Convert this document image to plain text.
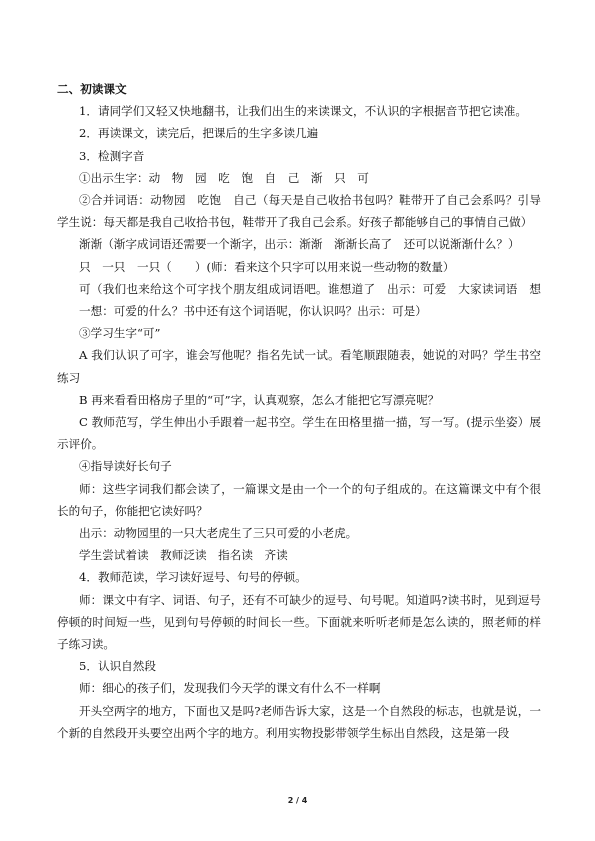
二、初读课文

1．请同学们又轻又快地翻书，让我们出生的来读课文，不认识的字根据音节把它读准。

2．再读课文，读完后，把课后的生字多读几遍

3．检测字音

①出示生字：动　物　园　吃　饱　自　己　渐　只　可

②合并词语：动物园　吃饱　自己（每天是自己收拾书包吗？鞋带开了自己会系吗？引导学生说：每天都是我自己收拾书包，鞋带开了我自己会系。好孩子都能够自己的事情自己做）

渐渐（渐字成词语还需要一个渐字，出示：渐渐　渐渐长高了　还可以说渐渐什么？）

只　一只　一只（　　）(师：看来这个只字可以用来说一些动物的数量）

可（我们也来给这个可字找个朋友组成词语吧。谁想道了　出示：可爱　大家读词语　想一想：可爱的什么？书中还有这个词语呢，你认识吗？出示：可是）

③学习生字“可”

A 我们认识了可字，谁会写他呢？指名先试一试。看笔顺跟随表，她说的对吗？学生书空练习

B 再来看看田格房子里的“可”字，认真观察，怎么才能把它写漂亮呢？

C 教师范写，学生伸出小手跟着一起书空。学生在田格里描一描，写一写。(提示坐姿）展示评价。

④指导读好长句子

师：这些字词我们都会读了，一篇课文是由一个一个的句子组成的。在这篇课文中有个很长的句子，你能把它读好吗？

出示：动物园里的一只大老虎生了三只可爱的小老虎。

学生尝试着读　教师泛读　指名读　齐读

4．教师范读，学习读好逗号、句号的停顿。

师：课文中有字、词语、句子，还有不可缺少的逗号、句号呢。知道吗?读书时，见到逗号停顿的时间短一些，见到句号停顿的时间长一些。下面就来听听老师是怎么读的，照老师的样子练习读。

5．认识自然段

师：细心的孩子们，发现我们今天学的课文有什么不一样啊

开头空两字的地方，下面也又是吗?老师告诉大家，这是一个自然段的标志，也就是说，一个新的自然段开头要空出两个字的地方。利用实物投影带领学生标出自然段，这是第一段

2 / 4
